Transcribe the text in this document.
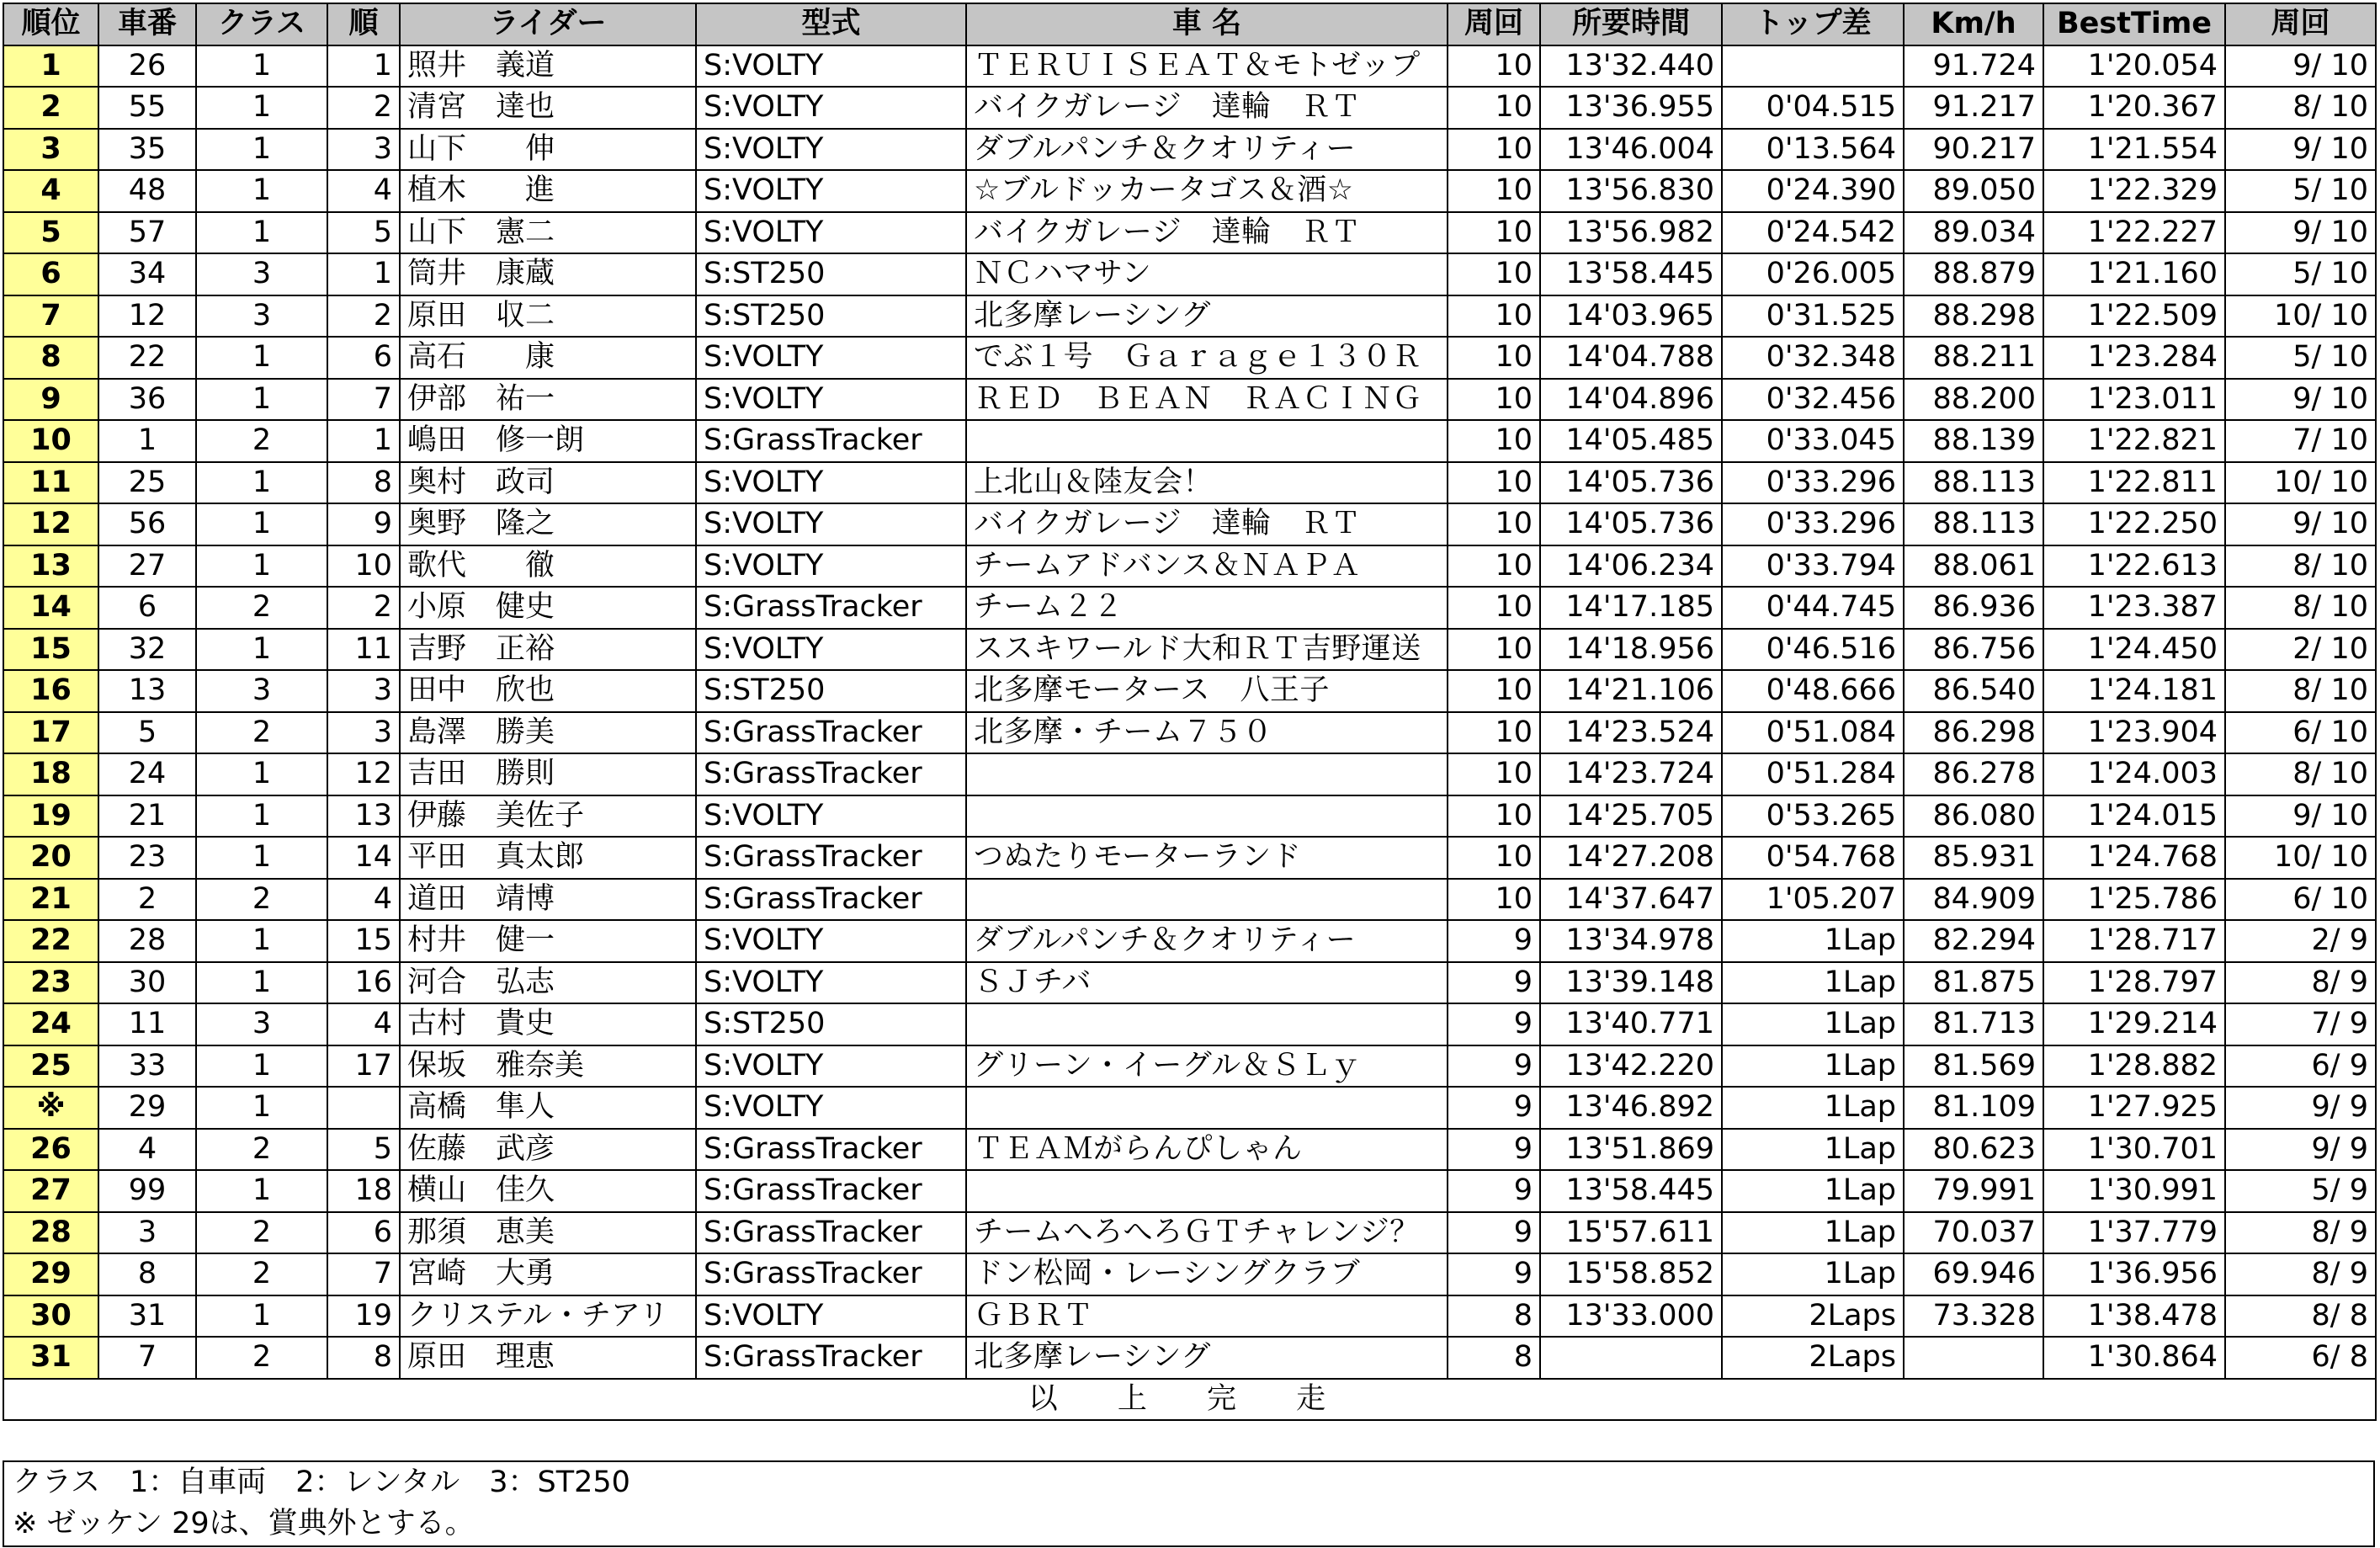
順位	車番	クラス	順	ライダー	型式	車 名	周回	所要時間	トップ差	Km/h	BestTime	周回
1	26	1	1	照井　義道	S:VOLTY	ＴＥＲＵＩＳＥＡＴ＆モトゼップ	10	13'32.440		91.724	1'20.054	9/ 10
2	55	1	2	清宮　達也	S:VOLTY	バイクガレージ　達輪　ＲＴ	10	13'36.955	0'04.515	91.217	1'20.367	8/ 10
3	35	1	3	山下　　伸	S:VOLTY	ダブルパンチ＆クオリティー	10	13'46.004	0'13.564	90.217	1'21.554	9/ 10
4	48	1	4	植木　　進	S:VOLTY	☆ブルドッカータゴス＆酒☆	10	13'56.830	0'24.390	89.050	1'22.329	5/ 10
5	57	1	5	山下　憲二	S:VOLTY	バイクガレージ　達輪　ＲＴ	10	13'56.982	0'24.542	89.034	1'22.227	9/ 10
6	34	3	1	筒井　康蔵	S:ST250	ＮＣハマサン	10	13'58.445	0'26.005	88.879	1'21.160	5/ 10
7	12	3	2	原田　収二	S:ST250	北多摩レーシング	10	14'03.965	0'31.525	88.298	1'22.509	10/ 10
8	22	1	6	高石　　康	S:VOLTY	でぶ１号　Ｇａｒａｇｅ１３０Ｒ	10	14'04.788	0'32.348	88.211	1'23.284	5/ 10
9	36	1	7	伊部　祐一	S:VOLTY	ＲＥＤ　ＢＥＡＮ　ＲＡＣＩＮＧ	10	14'04.896	0'32.456	88.200	1'23.011	9/ 10
10	1	2	1	嶋田　修一朗	S:GrassTracker		10	14'05.485	0'33.045	88.139	1'22.821	7/ 10
11	25	1	8	奥村　政司	S:VOLTY	上北山＆陸友会！	10	14'05.736	0'33.296	88.113	1'22.811	10/ 10
12	56	1	9	奥野　隆之	S:VOLTY	バイクガレージ　達輪　ＲＴ	10	14'05.736	0'33.296	88.113	1'22.250	9/ 10
13	27	1	10	歌代　　徹	S:VOLTY	チームアドバンス＆ＮＡＰＡ	10	14'06.234	0'33.794	88.061	1'22.613	8/ 10
14	6	2	2	小原　健史	S:GrassTracker	チーム２２	10	14'17.185	0'44.745	86.936	1'23.387	8/ 10
15	32	1	11	吉野　正裕	S:VOLTY	ススキワールド大和ＲＴ吉野運送	10	14'18.956	0'46.516	86.756	1'24.450	2/ 10
16	13	3	3	田中　欣也	S:ST250	北多摩モータース　八王子	10	14'21.106	0'48.666	86.540	1'24.181	8/ 10
17	5	2	3	島澤　勝美	S:GrassTracker	北多摩・チーム７５０	10	14'23.524	0'51.084	86.298	1'23.904	6/ 10
18	24	1	12	吉田　勝則	S:GrassTracker		10	14'23.724	0'51.284	86.278	1'24.003	8/ 10
19	21	1	13	伊藤　美佐子	S:VOLTY		10	14'25.705	0'53.265	86.080	1'24.015	9/ 10
20	23	1	14	平田　真太郎	S:GrassTracker	つぬたりモーターランド	10	14'27.208	0'54.768	85.931	1'24.768	10/ 10
21	2	2	4	道田　靖博	S:GrassTracker		10	14'37.647	1'05.207	84.909	1'25.786	6/ 10
22	28	1	15	村井　健一	S:VOLTY	ダブルパンチ＆クオリティー	9	13'34.978	1Lap	82.294	1'28.717	2/ 9
23	30	1	16	河合　弘志	S:VOLTY	ＳＪチバ	9	13'39.148	1Lap	81.875	1'28.797	8/ 9
24	11	3	4	古村　貴史	S:ST250		9	13'40.771	1Lap	81.713	1'29.214	7/ 9
25	33	1	17	保坂　雅奈美	S:VOLTY	グリーン・イーグル＆ＳＬｙ	9	13'42.220	1Lap	81.569	1'28.882	6/ 9
※	29	1		高橋　隼人	S:VOLTY		9	13'46.892	1Lap	81.109	1'27.925	9/ 9
26	4	2	5	佐藤　武彦	S:GrassTracker	ＴＥＡＭがらんぴしゃん	9	13'51.869	1Lap	80.623	1'30.701	9/ 9
27	99	1	18	横山　佳久	S:GrassTracker		9	13'58.445	1Lap	79.991	1'30.991	5/ 9
28	3	2	6	那須　恵美	S:GrassTracker	チームへろへろＧＴチャレンジ？	9	15'57.611	1Lap	70.037	1'37.779	8/ 9
29	8	2	7	宮崎　大勇	S:GrassTracker	ドン松岡・レーシングクラブ	9	15'58.852	1Lap	69.946	1'36.956	8/ 9
30	31	1	19	クリステル・チアリ	S:VOLTY	ＧＢＲＴ	8	13'33.000	2Laps	73.328	1'38.478	8/ 8
31	7	2	8	原田　理恵	S:GrassTracker	北多摩レーシング	8		2Laps		1'30.864	6/ 8
以 上 完 走												
クラス　1：自車両　2：レンタル　3：ST250
※ ゼッケン 29は、賞典外とする。
